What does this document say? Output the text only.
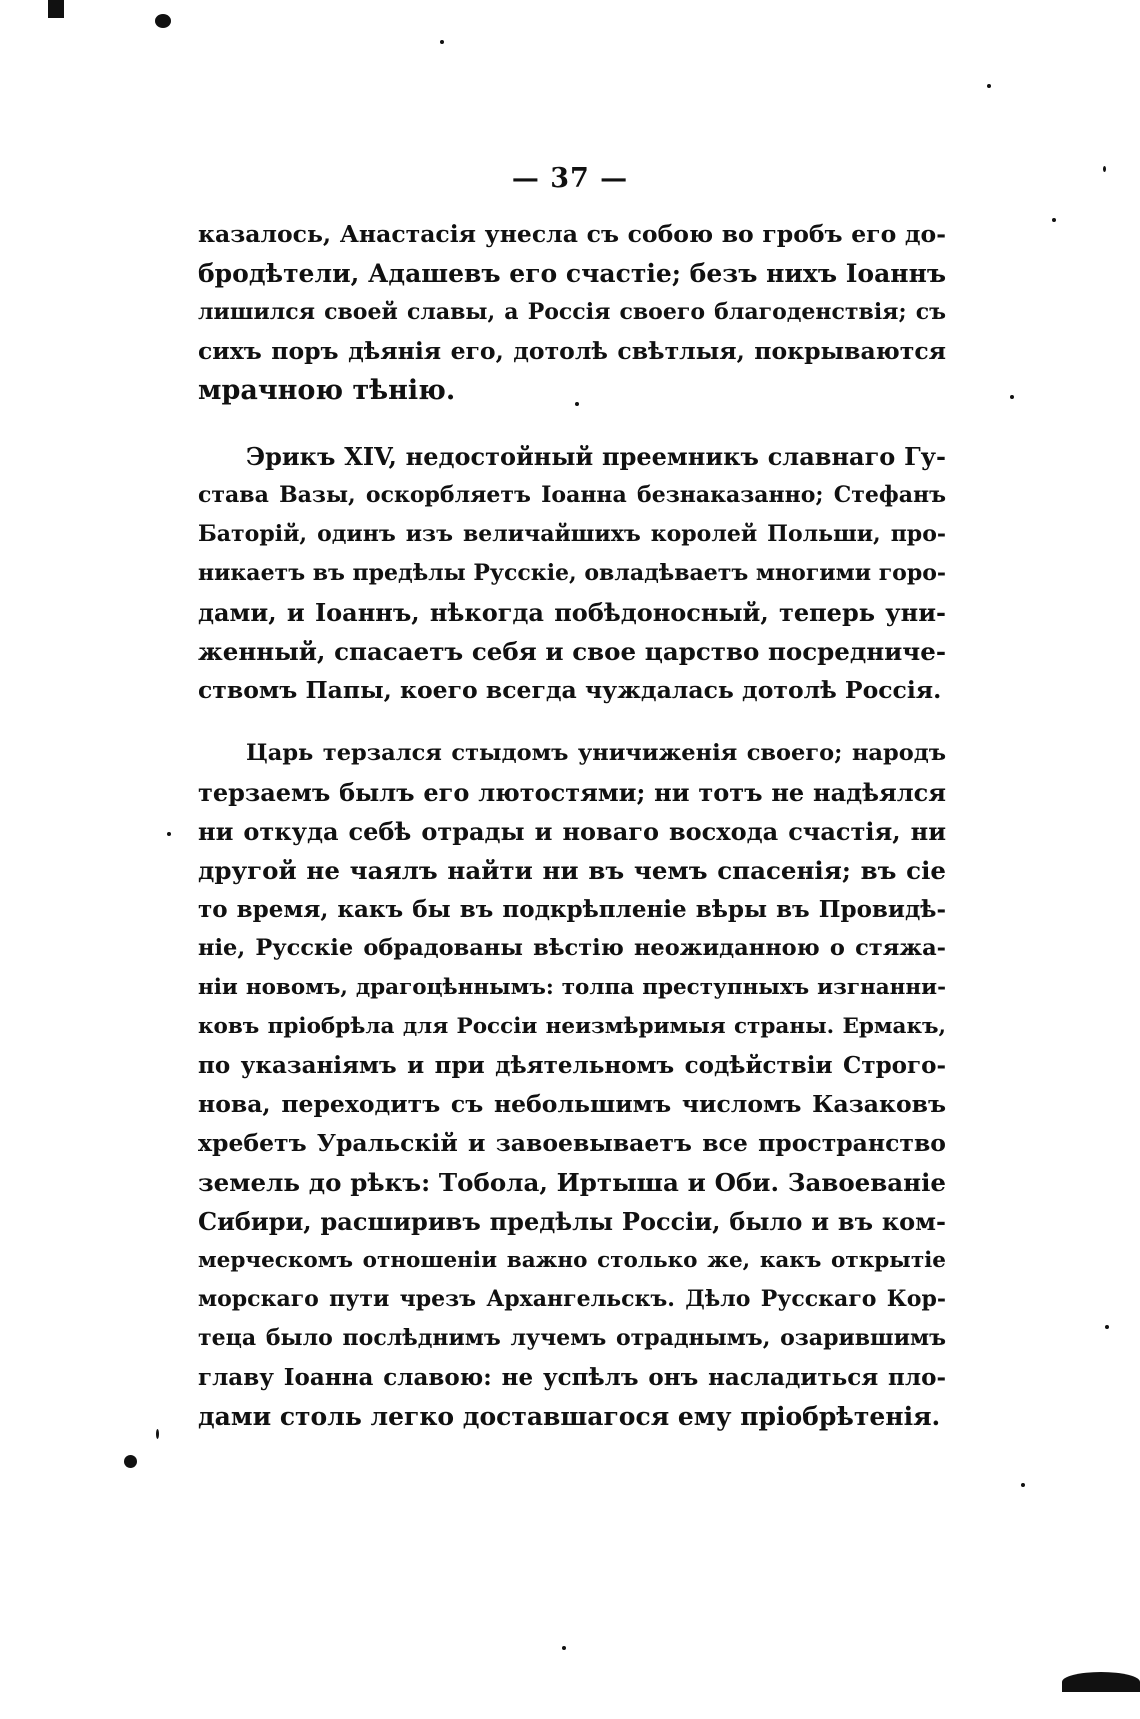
— 37 —

казалось, Анастасія унесла съ собою во гробъ его до-
бродѣтели, Адашевъ его счастіе; безъ нихъ Іоаннъ
лишился своей славы, а Россія своего благоденствія; съ
сихъ поръ дѣянія его, дотолѣ свѣтлыя, покрываются
мрачною тѣнію.

Эрикъ XIV, недостойный преемникъ славнаго Гу-
става Вазы, оскорбляетъ Іоанна безнаказанно; Стефанъ
Баторій, одинъ изъ величайшихъ королей Польши, про-
никаетъ въ предѣлы Русскіе, овладѣваетъ многими горо-
дами, и Іоаннъ, нѣкогда побѣдоносный, теперь уни-
женный, спасаетъ себя и свое царство посредниче-
ствомъ Папы, коего всегда чуждалась дотолѣ Россія.

Царь терзался стыдомъ уничиженія своего; народъ
терзаемъ былъ его лютостями; ни тотъ не надѣялся
ни откуда себѣ отрады и новаго восхода счастія, ни
другой не чаялъ найти ни въ чемъ спасенія; въ сіе
то время, какъ бы въ подкрѣпленіе вѣры въ Провидѣ-
ніе, Русскіе обрадованы вѣстію неожиданною о стяжа-
ніи новомъ, драгоцѣннымъ: толпа преступныхъ изгнанни-
ковъ пріобрѣла для Россіи неизмѣримыя страны. Ермакъ,
по указаніямъ и при дѣятельномъ содѣйствіи Строго-
нова, переходитъ съ небольшимъ числомъ Казаковъ
хребетъ Уральскій и завоевываетъ все пространство
земель до рѣкъ: Тобола, Иртыша и Оби. Завоеваніе
Сибири, расширивъ предѣлы Россіи, было и въ ком-
мерческомъ отношеніи важно столько же, какъ открытіе
морскаго пути чрезъ Архангельскъ. Дѣло Русскаго Кор-
теца было послѣднимъ лучемъ отраднымъ, озарившимъ
главу Іоанна славою: не успѣлъ онъ насладиться пло-
дами столь легко доставшагося ему пріобрѣтенія.
